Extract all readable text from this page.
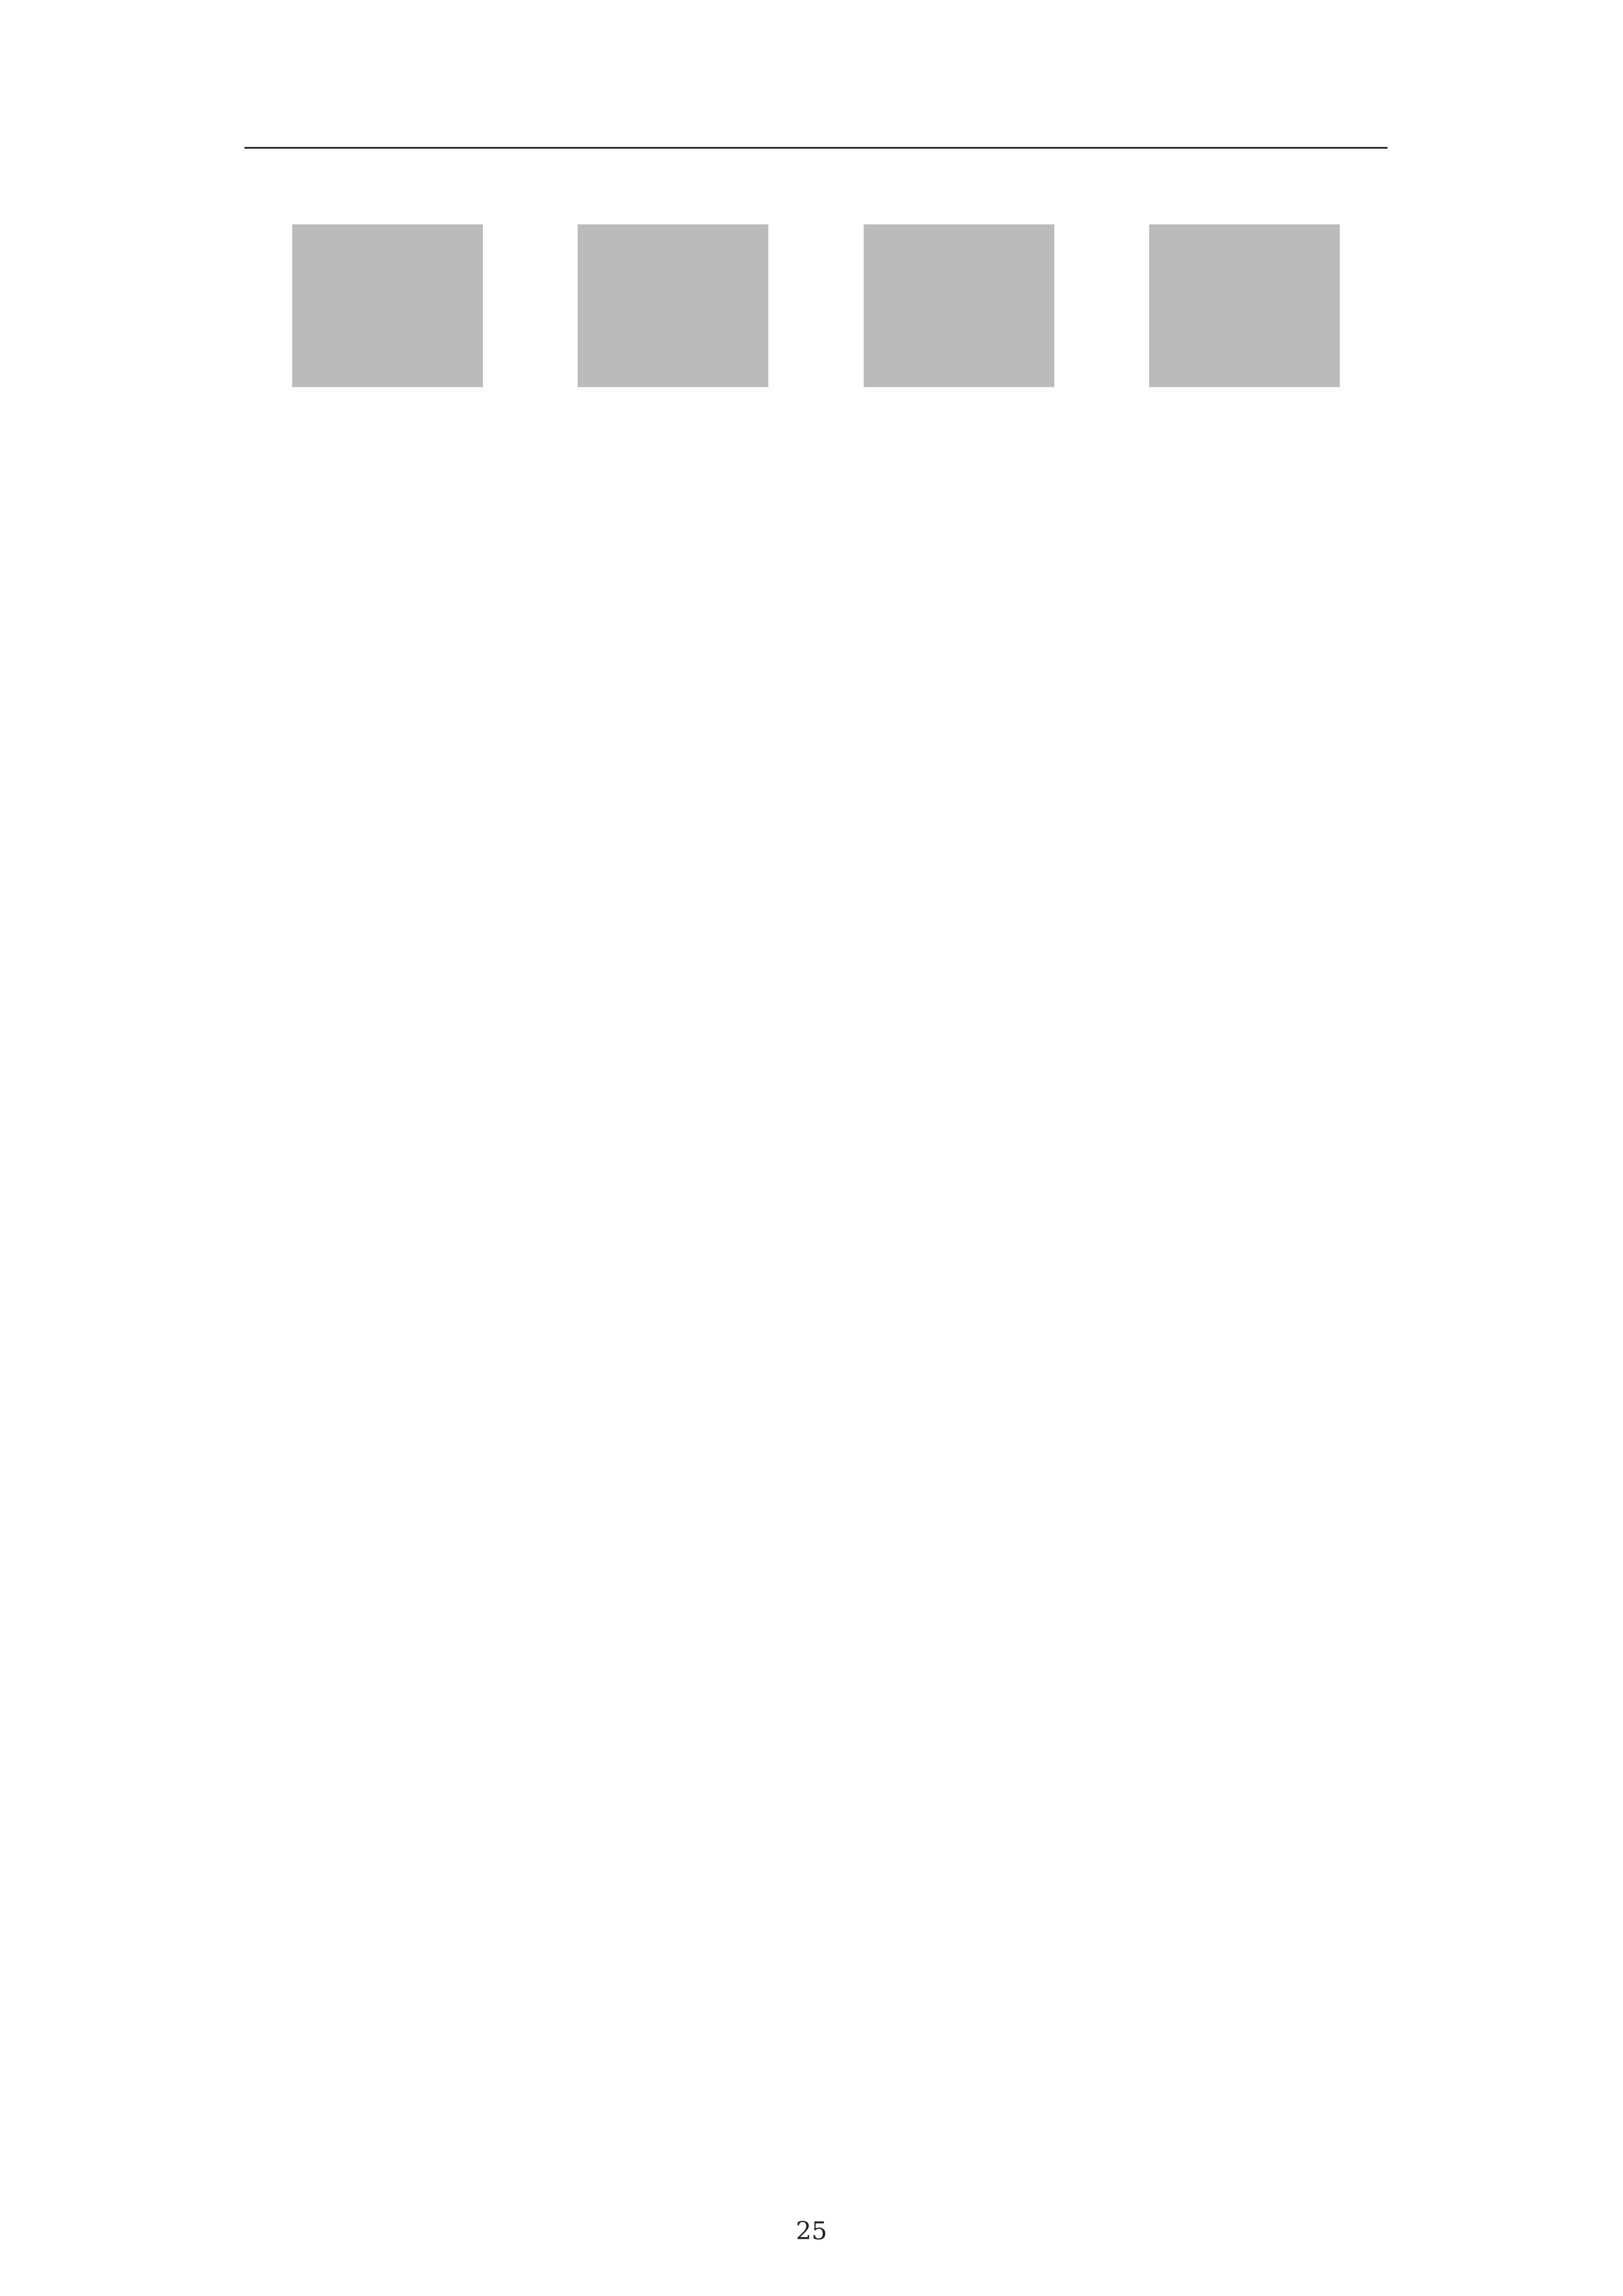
25
